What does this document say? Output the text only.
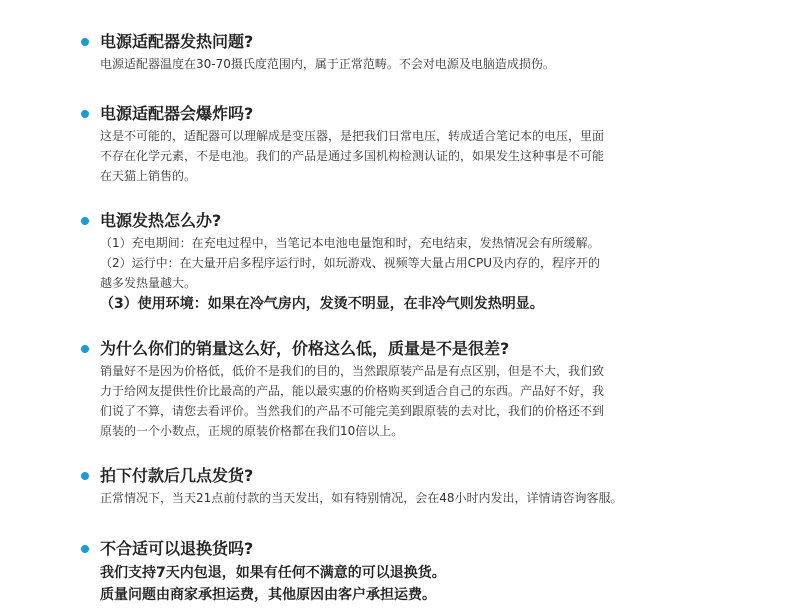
电源适配器发热问题?
电源适配器温度在30-70摄氏度范围内，属于正常范畴。不会对电源及电脑造成损伤。
电源适配器会爆炸吗?
这是不可能的，适配器可以理解成是变压器，是把我们日常电压，转成适合笔记本的电压，里面
不存在化学元素，不是电池。我们的产品是通过多国机构检测认证的，如果发生这种事是不可能
在天猫上销售的。
电源发热怎么办?
（1）充电期间：在充电过程中，当笔记本电池电量饱和时，充电结束，发热情况会有所缓解。
（2）运行中：在大量开启多程序运行时，如玩游戏、视频等大量占用CPU及内存的，程序开的
越多发热量越大。
（3）使用环境：如果在冷气房内，发烫不明显，在非冷气则发热明显。
为什么你们的销量这么好，价格这么低，质量是不是很差?
销量好不是因为价格低，低价不是我们的目的，当然跟原装产品是有点区别，但是不大，我们致
力于给网友提供性价比最高的产品，能以最实惠的价格购买到适合自己的东西。产品好不好，我
们说了不算，请您去看评价。当然我们的产品不可能完美到跟原装的去对比，我们的价格还不到
原装的一个小数点，正规的原装价格都在我们10倍以上。
拍下付款后几点发货?
正常情况下，当天21点前付款的当天发出，如有特别情况，会在48小时内发出，详情请咨询客服。
不合适可以退换货吗?
我们支持7天内包退，如果有任何不满意的可以退换货。
质量问题由商家承担运费，其他原因由客户承担运费。
